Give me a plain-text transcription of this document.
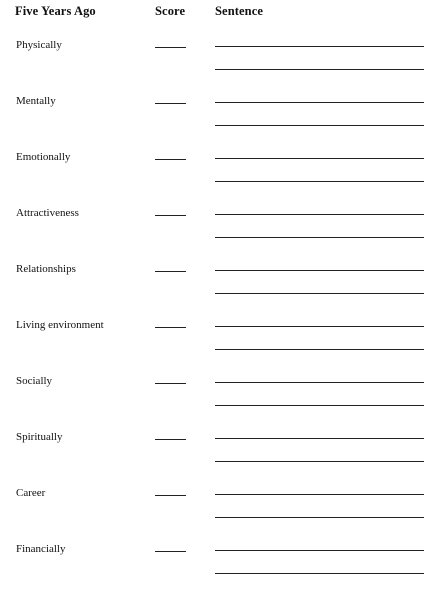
Five Years Ago	Score Sentence
Physically
Mentally
Emotionally
Attractiveness
Relationships
Living environment
Socially
Spiritually
Career
Financially
